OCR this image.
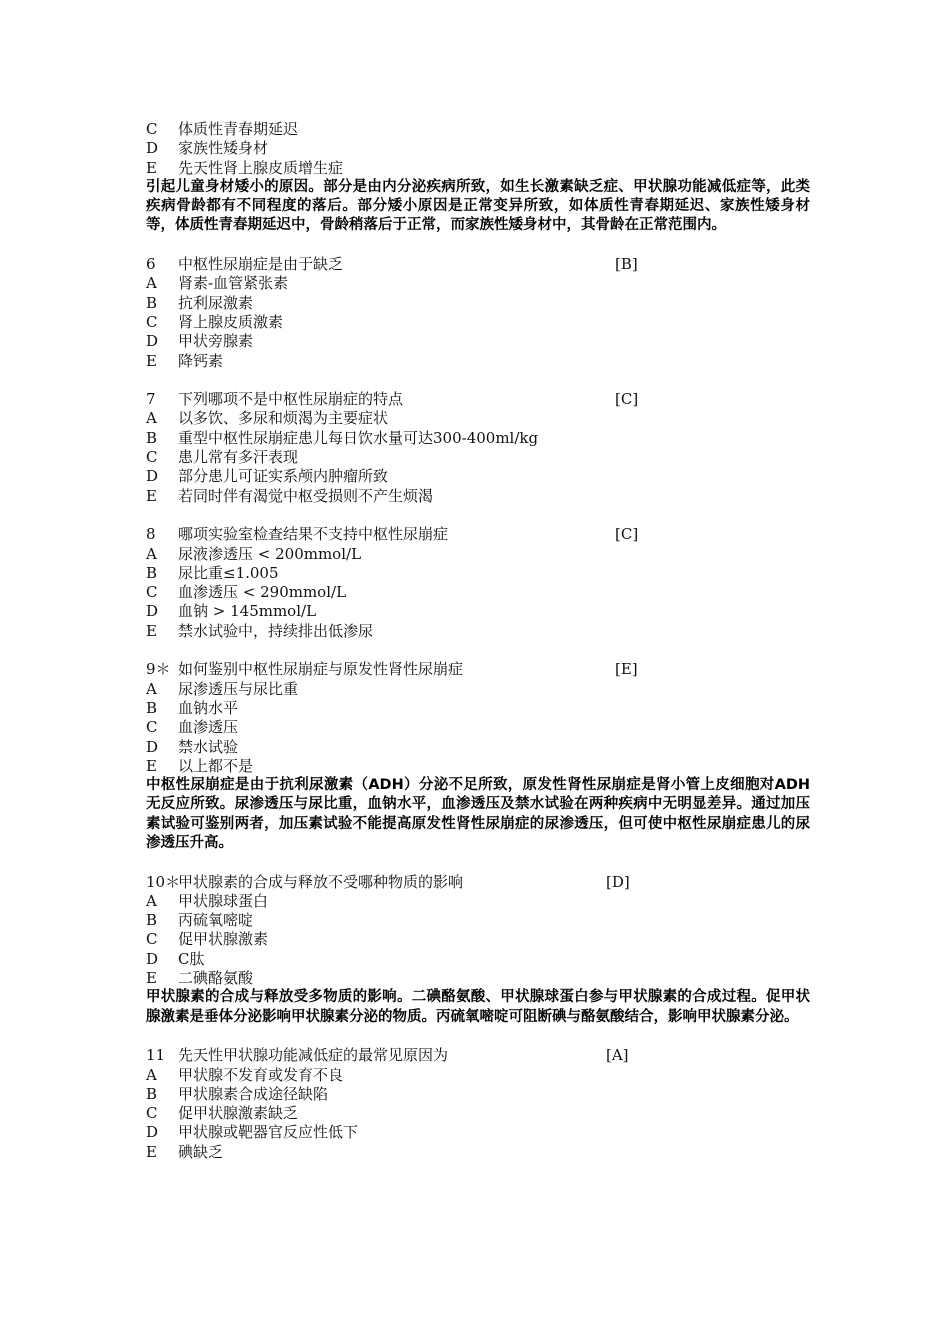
C 体质性青春期延迟
D 家族性矮身材
E 先天性肾上腺皮质增生症

引起儿童身材矮小的原因。部分是由内分泌疾病所致，如生长激素缺乏症、甲状腺功能减低症等，此类疾病骨龄都有不同程度的落后。部分矮小原因是正常变异所致，如体质性青春期延迟、家族性矮身材等，体质性青春期延迟中，骨龄稍落后于正常，而家族性矮身材中，其骨龄在正常范围内。

6 中枢性尿崩症是由于缺乏	[B]
A 肾素-血管紧张素
B 抗利尿激素
C 肾上腺皮质激素
D 甲状旁腺素
E 降钙素
7 下列哪项不是中枢性尿崩症的特点	[C]
A 以多饮、多尿和烦渴为主要症状
B 重型中枢性尿崩症患儿每日饮水量可达300-400ml/kg
C 患儿常有多汗表现
D 部分患儿可证实系颅内肿瘤所致
E 若同时伴有渴觉中枢受损则不产生烦渴
8 哪项实验室检查结果不支持中枢性尿崩症	[C]
A 尿液渗透压 < 200mmol/L
B 尿比重≤1.005
C 血渗透压 < 290mmol/L
D 血钠 > 145mmol/L
E 禁水试验中，持续排出低渗尿
9＊ 如何鉴别中枢性尿崩症与原发性肾性尿崩症	[E]
A 尿渗透压与尿比重
B 血钠水平
C 血渗透压
D 禁水试验
E 以上都不是

中枢性尿崩症是由于抗利尿激素（ADH）分泌不足所致，原发性肾性尿崩症是肾小管上皮细胞对ADH无反应所致。尿渗透压与尿比重，血钠水平，血渗透压及禁水试验在两种疾病中无明显差异。通过加压素试验可鉴别两者，加压素试验不能提高原发性肾性尿崩症的尿渗透压，但可使中枢性尿崩症患儿的尿渗透压升高。

10＊甲状腺素的合成与释放不受哪种物质的影响	[D]
A 甲状腺球蛋白
B 丙硫氧嘧啶
C 促甲状腺激素
D C肽
E 二碘酪氨酸

甲状腺素的合成与释放受多物质的影响。二碘酪氨酸、甲状腺球蛋白参与甲状腺素的合成过程。促甲状腺激素是垂体分泌影响甲状腺素分泌的物质。丙硫氧嘧啶可阻断碘与酪氨酸结合，影响甲状腺素分泌。

11 先天性甲状腺功能减低症的最常见原因为	[A]
A 甲状腺不发育或发育不良
B 甲状腺素合成途径缺陷
C 促甲状腺激素缺乏
D 甲状腺或靶器官反应性低下
E 碘缺乏
